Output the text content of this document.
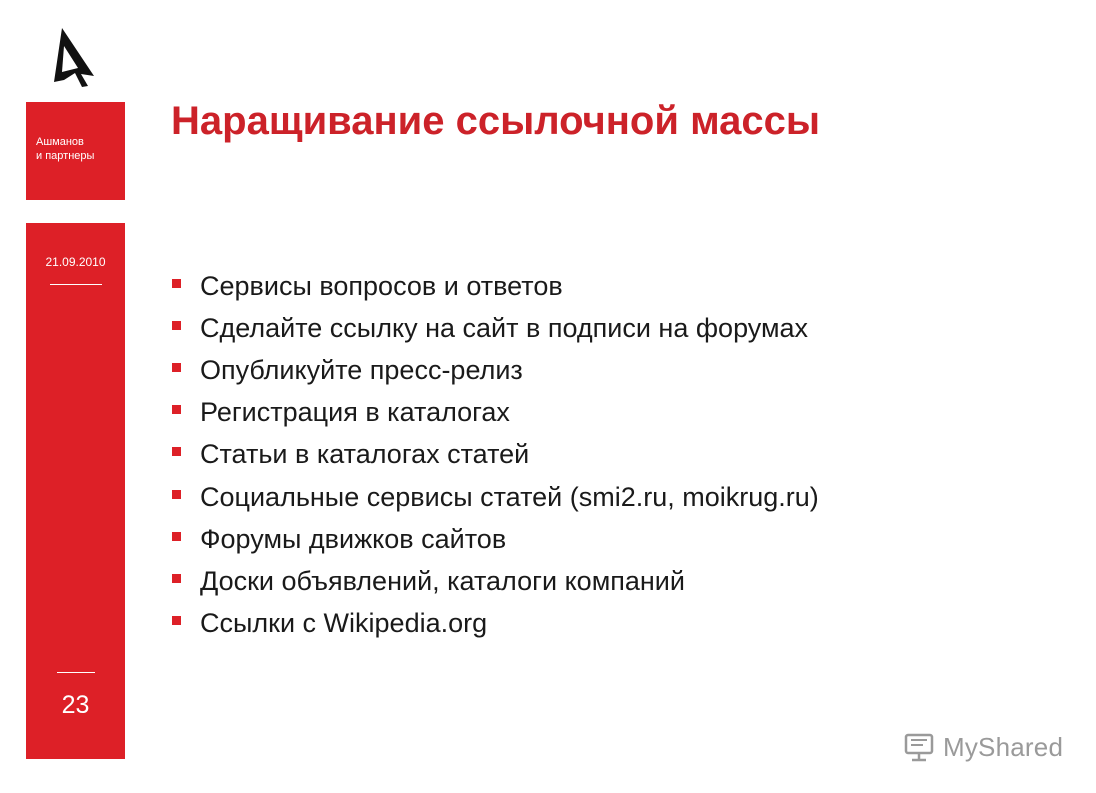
Ашманов
и партнеры
21.09.2010
23
Наращивание ссылочной массы
Сервисы вопросов и ответов
Сделайте ссылку на сайт в подписи на форумах
Опубликуйте пресс-релиз
Регистрация в каталогах
Статьи в каталогах статей
Социальные сервисы статей (smi2.ru, moikrug.ru)
Форумы движков сайтов
Доски объявлений, каталоги компаний
Ссылки с Wikipedia.org
MyShared
